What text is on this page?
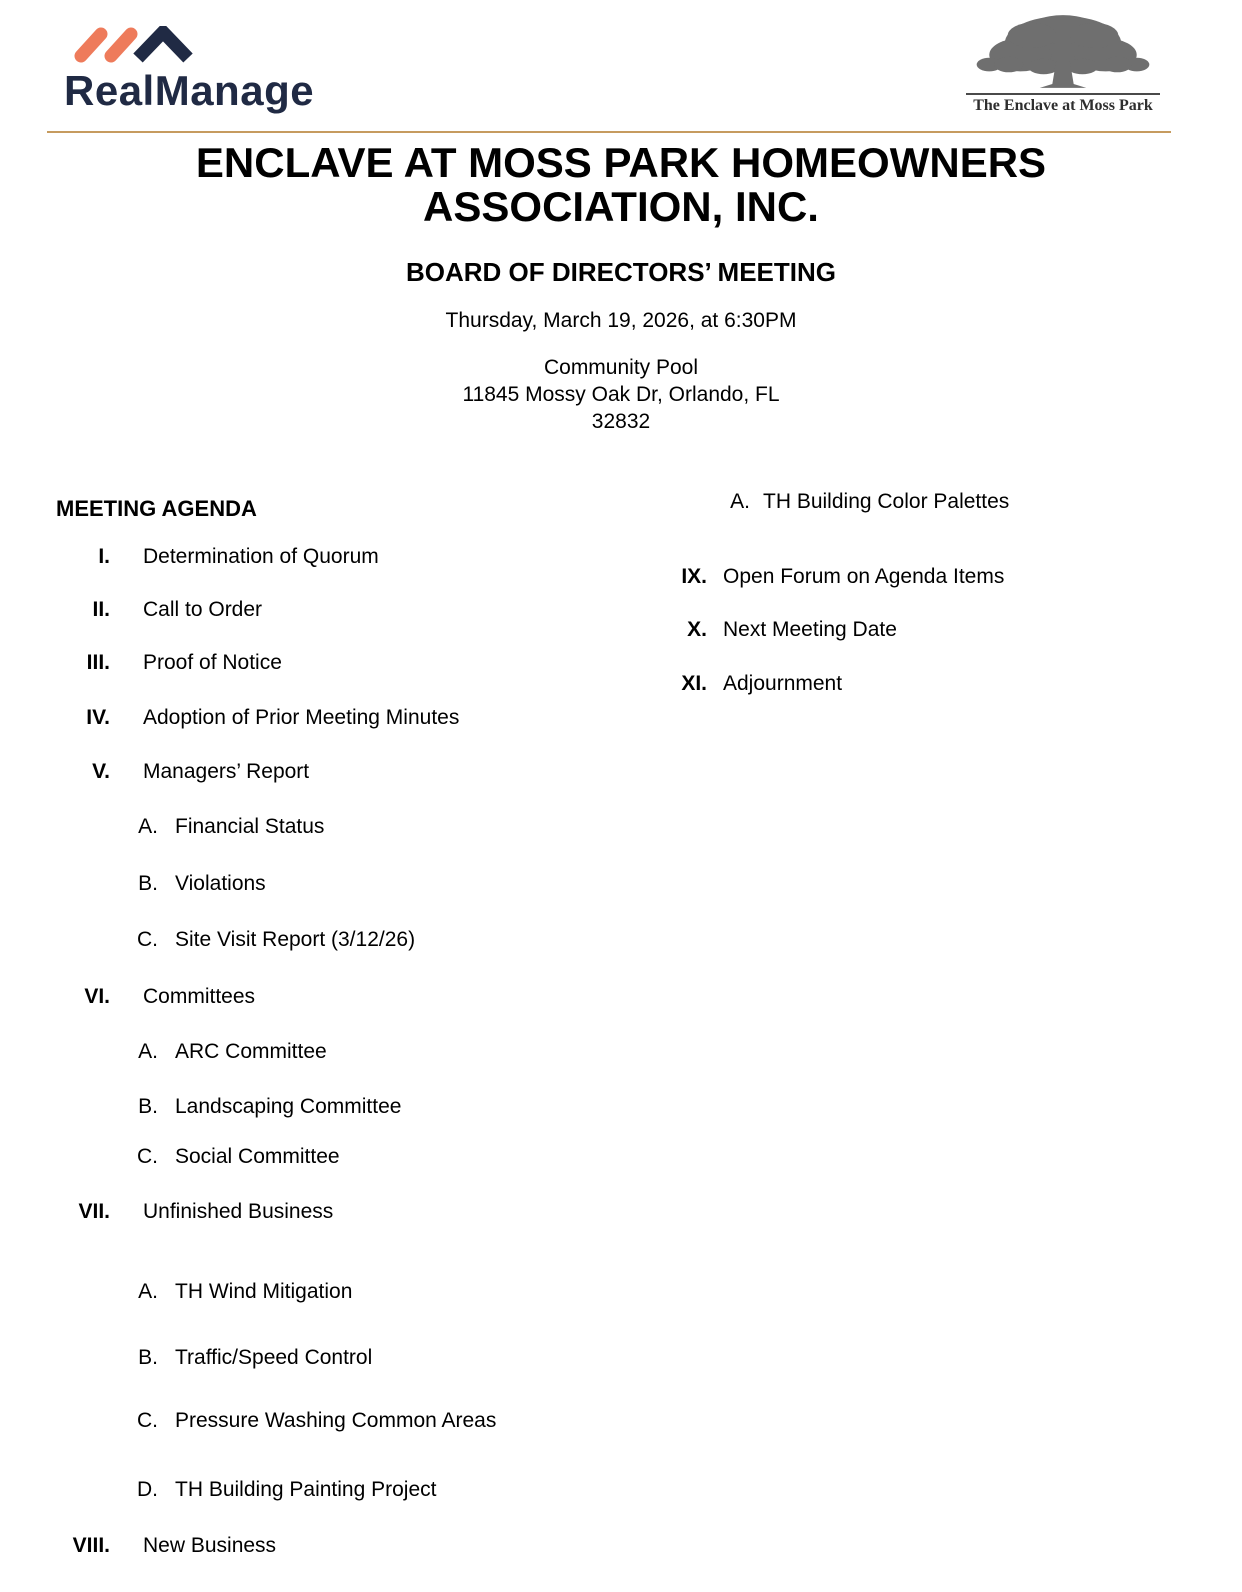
RealManage	The Enclave at Moss Park
ENCLAVE AT MOSS PARK HOMEOWNERS ASSOCIATION, INC.
BOARD OF DIRECTORS’ MEETING
Thursday, March 19, 2026, at 6:30PM
Community Pool
11845 Mossy Oak Dr, Orlando, FL
32832
MEETING AGENDA
I. Determination of Quorum
II. Call to Order
III. Proof of Notice
IV. Adoption of Prior Meeting Minutes
V. Managers’ Report
A. Financial Status
B. Violations
C. Site Visit Report (3/12/26)
VI. Committees
A. ARC Committee
B. Landscaping Committee
C. Social Committee
VII. Unfinished Business
A. TH Wind Mitigation
B. Traffic/Speed Control
C. Pressure Washing Common Areas
D. TH Building Painting Project
VIII. New Business
A. TH Building Color Palettes
IX. Open Forum on Agenda Items
X. Next Meeting Date
XI. Adjournment
